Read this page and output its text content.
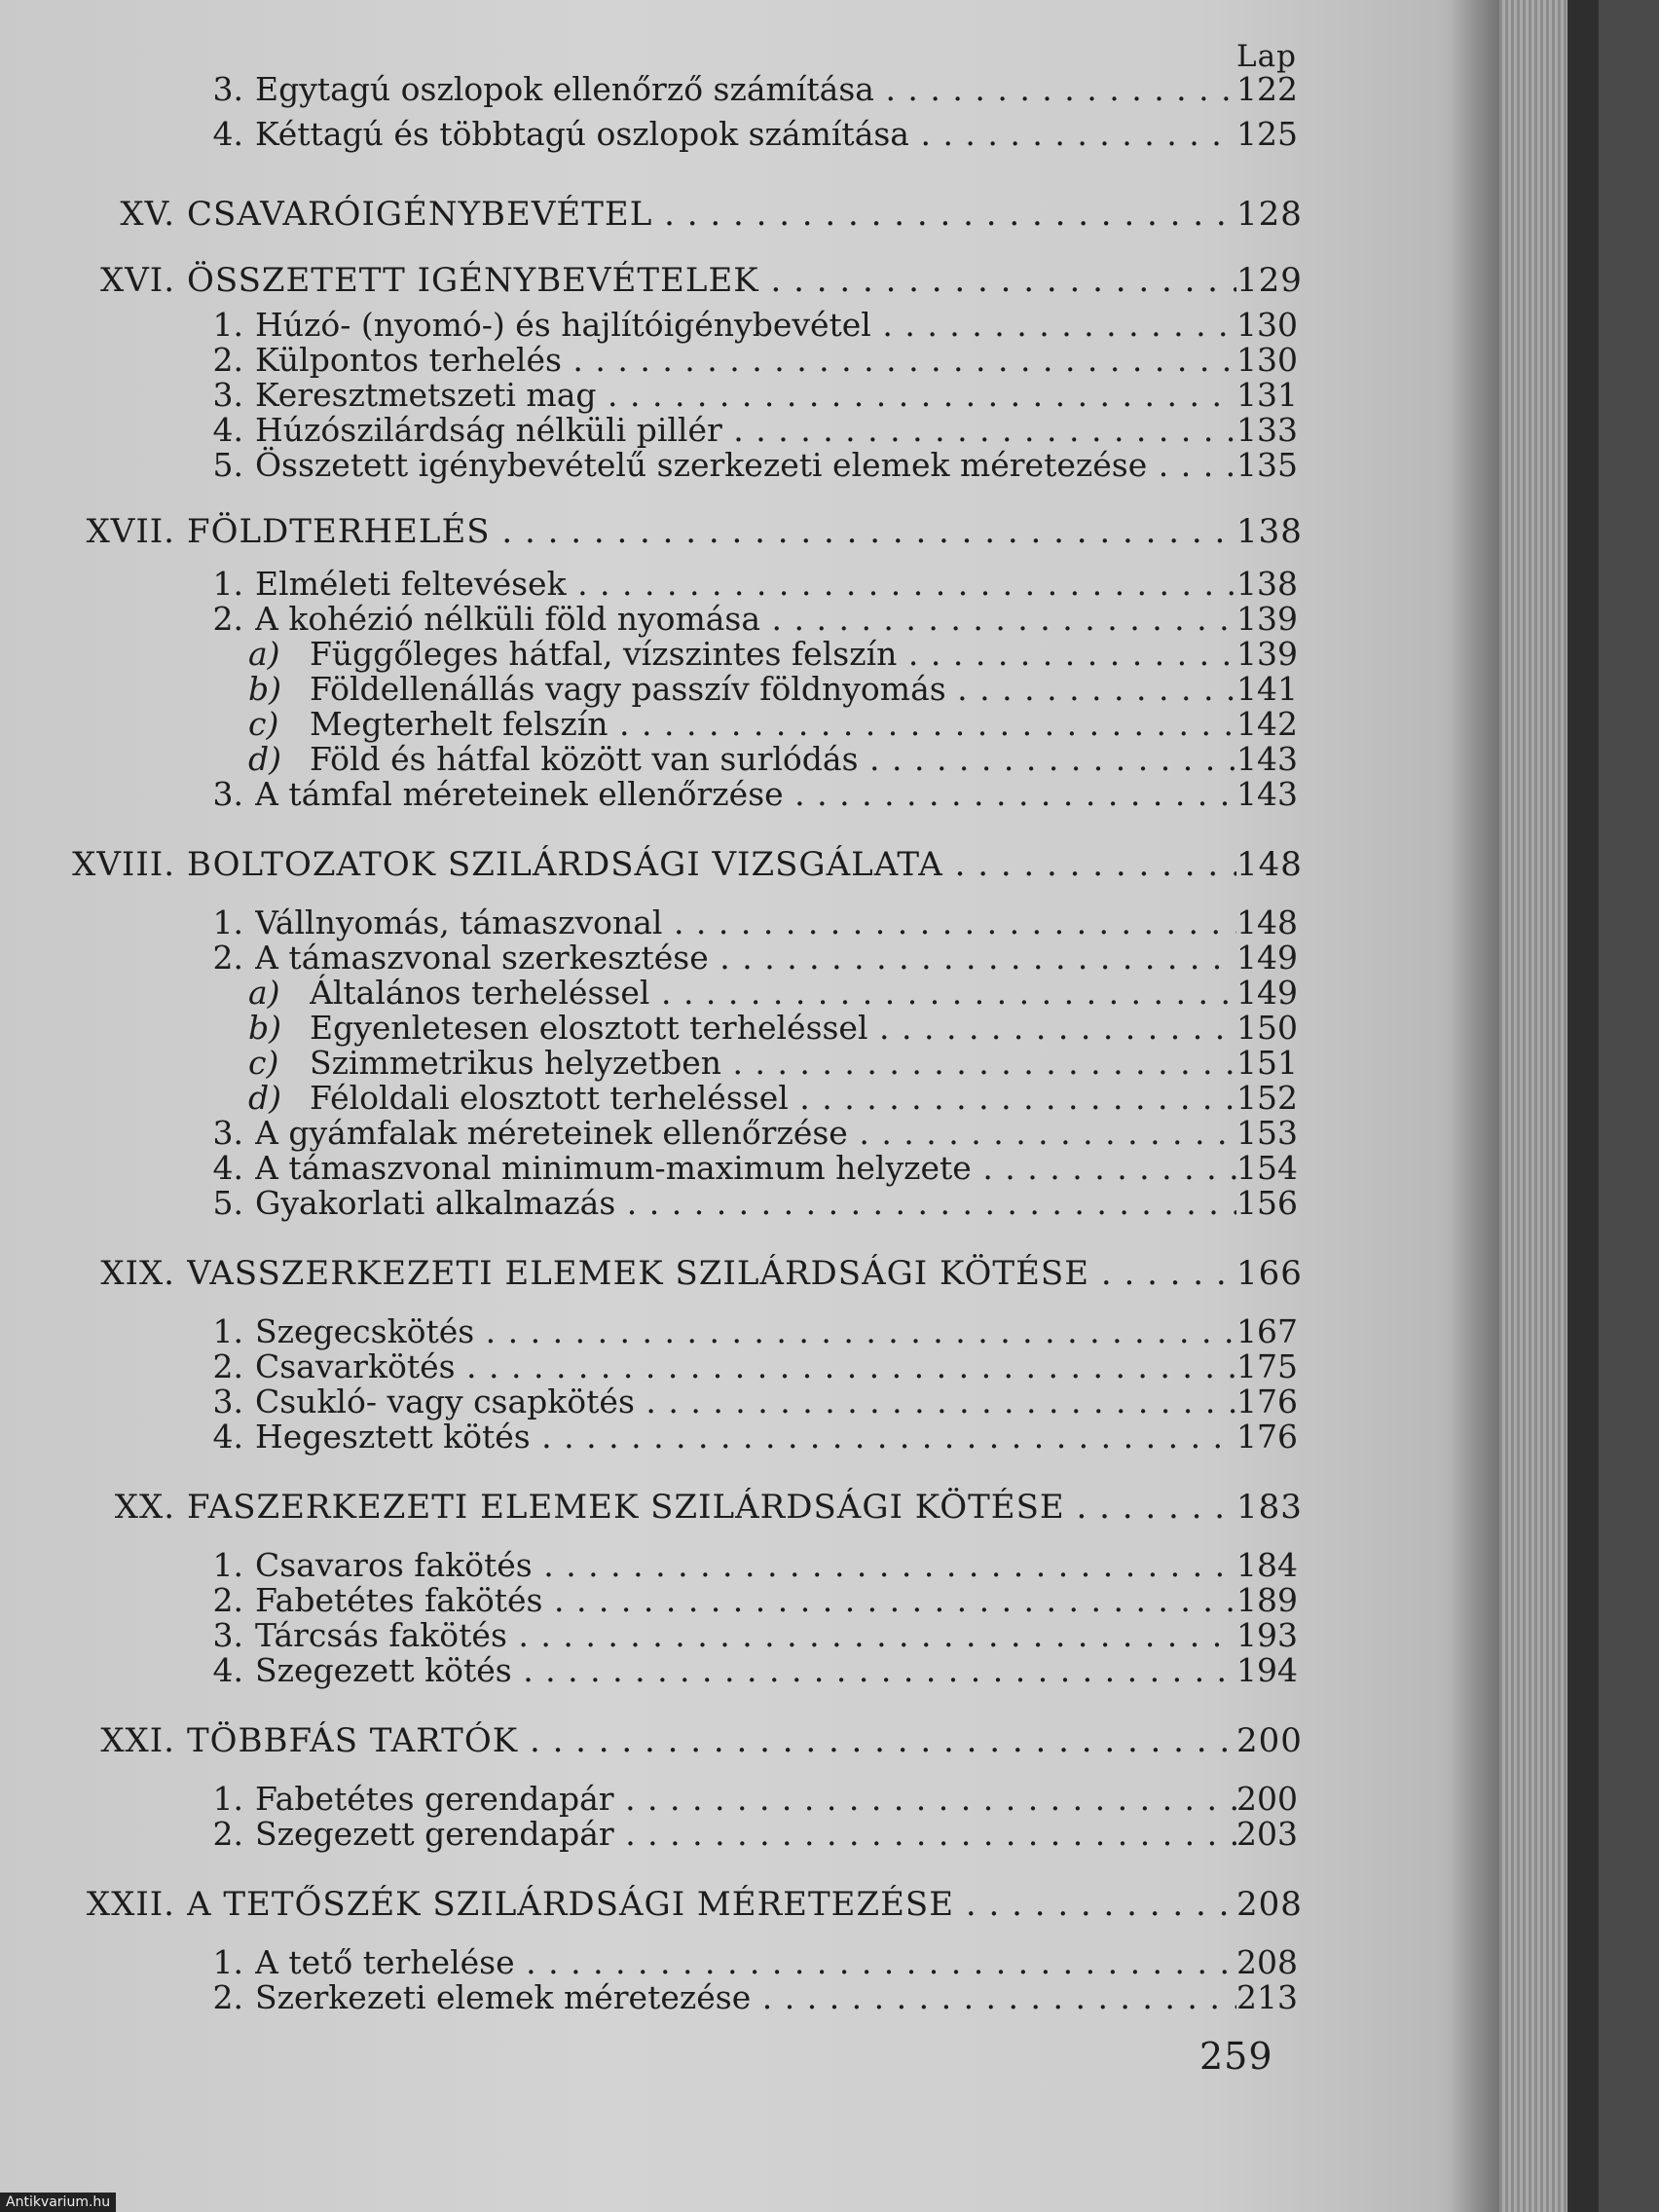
Lap
3. Egytagú oszlopok ellenőrző számítása . . .	122
4. Kéttagú és többtagú oszlopok számítása . . .	125
XV. CSAVARÓIGÉNYBEVÉTEL . . .	128
XVI. ÖSSZETETT IGÉNYBEVÉTELEK . . .	129
1. Húzó- (nyomó-) és hajlítóigénybevétel . . .	130
2. Külpontos terhelés . . .	130
3. Keresztmetszeti mag . . .	131
4. Húzószilárdság nélküli pillér . . .	133
5. Összetett igénybevételű szerkezeti elemek méretezése . . .	135
XVII. FÖLDTERHELÉS . . .	138
1. Elméleti feltevések . . .	138
2. A kohézió nélküli föld nyomása . . .	139
a) Függőleges hátfal, vízszintes felszín . . .	139
b) Földellenállás vagy passzív földnyomás . . .	141
c) Megterhelt felszín . . .	142
d) Föld és hátfal között van surlódás . . .	143
3. A támfal méreteinek ellenőrzése . . .	143
XVIII. BOLTOZATOK SZILÁRDSÁGI VIZSGÁLATA . . .	148
1. Vállnyomás, támaszvonal . . .	148
2. A támaszvonal szerkesztése . . .	149
a) Általános terheléssel . . .	149
b) Egyenletesen elosztott terheléssel . . .	150
c) Szimmetrikus helyzetben . . .	151
d) Féloldali elosztott terheléssel . . .	152
3. A gyámfalak méreteinek ellenőrzése . . .	153
4. A támaszvonal minimum-maximum helyzete . . .	154
5. Gyakorlati alkalmazás . . .	156
XIX. VASSZERKEZETI ELEMEK SZILÁRDSÁGI KÖTÉSE . . .	166
1. Szegecskötés . . .	167
2. Csavarkötés . . .	175
3. Csukló- vagy csapkötés . . .	176
4. Hegesztett kötés . . .	176
XX. FASZERKEZETI ELEMEK SZILÁRDSÁGI KÖTÉSE . . .	183
1. Csavaros fakötés . . .	184
2. Fabetétes fakötés . . .	189
3. Tárcsás fakötés . . .	193
4. Szegezett kötés . . .	194
XXI. TÖBBFÁS TARTÓK . . .	200
1. Fabetétes gerendapár . . .	200
2. Szegezett gerendapár . . .	203
XXII. A TETŐSZÉK SZILÁRDSÁGI MÉRETEZÉSE . . .	208
1. A tető terhelése . . .	208
2. Szerkezeti elemek méretezése . . .	213
259
Antikvarium.hu
